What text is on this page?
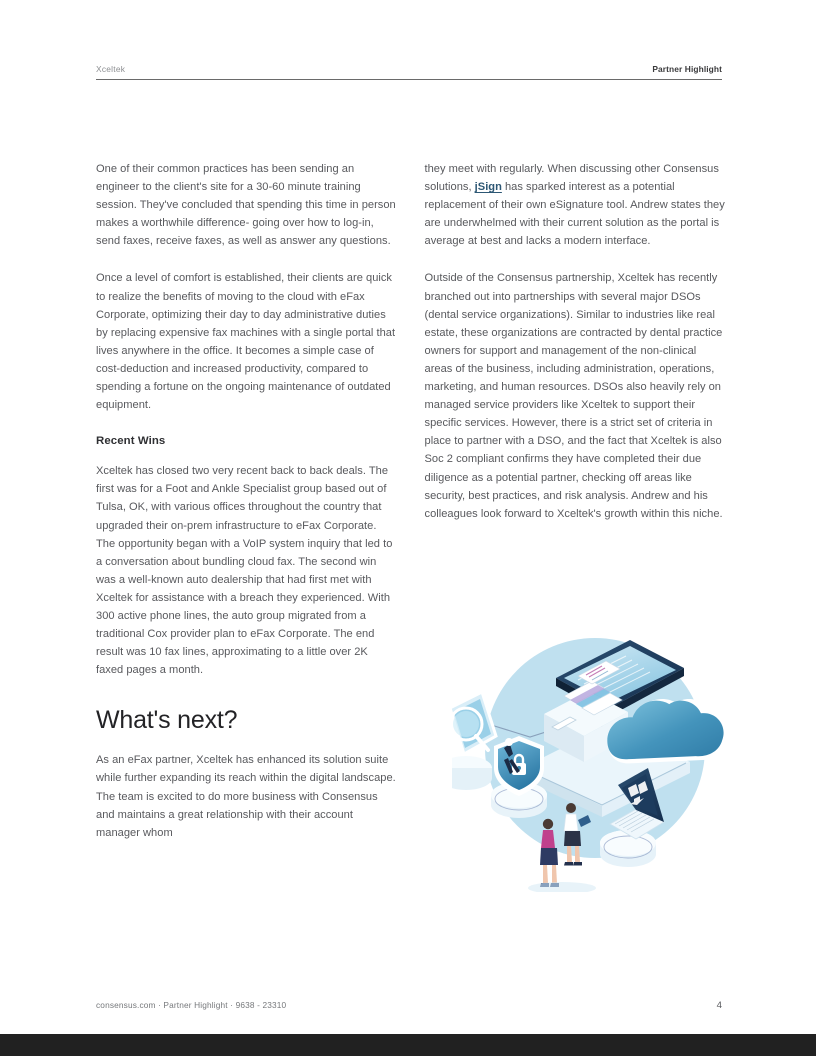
Xceltek	Partner Highlight

One of their common practices has been sending an engineer to the client's site for a 30-60 minute training session. They've concluded that spending this time in person makes a worthwhile difference- going over how to log-in, send faxes, receive faxes, as well as answer any questions.

Once a level of comfort is established, their clients are quick to realize the benefits of moving to the cloud with eFax Corporate, optimizing their day to day administrative duties by replacing expensive fax machines with a single portal that lives anywhere in the office. It becomes a simple case of cost-deduction and increased productivity, compared to spending a fortune on the ongoing maintenance of outdated equipment.

Recent Wins

Xceltek has closed two very recent back to back deals. The first was for a Foot and Ankle Specialist group based out of Tulsa, OK, with various offices throughout the country that upgraded their on-prem infrastructure to eFax Corporate. The opportunity began with a VoIP system inquiry that led to a conversation about bundling cloud fax. The second win was a well-known auto dealership that had first met with Xceltek for assistance with a breach they experienced. With 300 active phone lines, the auto group migrated from a traditional Cox provider plan to eFax Corporate. The end result was 10 fax lines, approximating to a little over 2K faxed pages a month.

What's next?

As an eFax partner, Xceltek has enhanced its solution suite while further expanding its reach within the digital landscape. The team is excited to do more business with Consensus and maintains a great relationship with their account manager whom

they meet with regularly. When discussing other Consensus solutions, jSign has sparked interest as a potential replacement of their own eSignature tool. Andrew states they are underwhelmed with their current solution as the portal is average at best and lacks a modern interface.

Outside of the Consensus partnership, Xceltek has recently branched out into partnerships with several major DSOs (dental service organizations). Similar to industries like real estate, these organizations are contracted by dental practice owners for support and management of the non-clinical areas of the business, including administration, operations, marketing, and human resources. DSOs also heavily rely on managed service providers like Xceltek to support their specific services. However, there is a strict set of criteria in place to partner with a DSO, and the fact that Xceltek is also Soc 2 compliant confirms they have completed their due diligence as a potential partner, checking off areas like security, best practices, and risk analysis. Andrew and his colleagues look forward to Xceltek's growth within this niche.

consensus.com · Partner Highlight · 9638 - 23310	4
